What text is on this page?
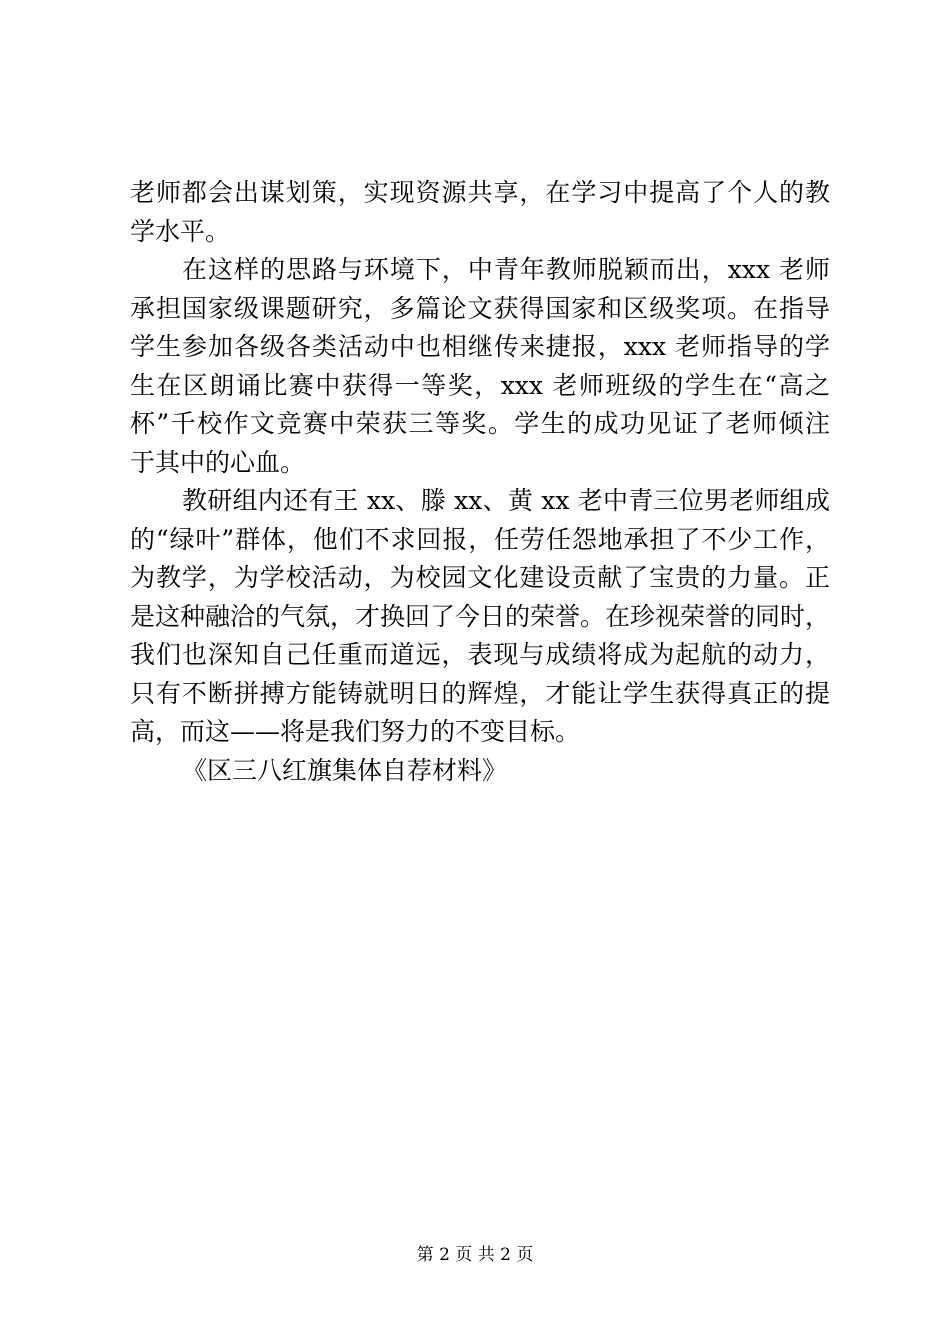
老师都会出谋划策，实现资源共享，在学习中提高了个人的教
学水平。
在这样的思路与环境下，中青年教师脱颖而出，xxx 老师
承担国家级课题研究，多篇论文获得国家和区级奖项。在指导
学生参加各级各类活动中也相继传来捷报，xxx 老师指导的学
生在区朗诵比赛中获得一等奖，xxx 老师班级的学生在“高之
杯”千校作文竞赛中荣获三等奖。学生的成功见证了老师倾注
于其中的心血。
教研组内还有王 xx、滕 xx、黄 xx 老中青三位男老师组成
的“绿叶”群体，他们不求回报，任劳任怨地承担了不少工作，
为教学，为学校活动，为校园文化建设贡献了宝贵的力量。正
是这种融洽的气氛，才换回了今日的荣誉。在珍视荣誉的同时，
我们也深知自己任重而道远，表现与成绩将成为起航的动力，
只有不断拼搏方能铸就明日的辉煌，才能让学生获得真正的提
高，而这——将是我们努力的不变目标。
《区三八红旗集体自荐材料》
第 2 页 共 2 页
